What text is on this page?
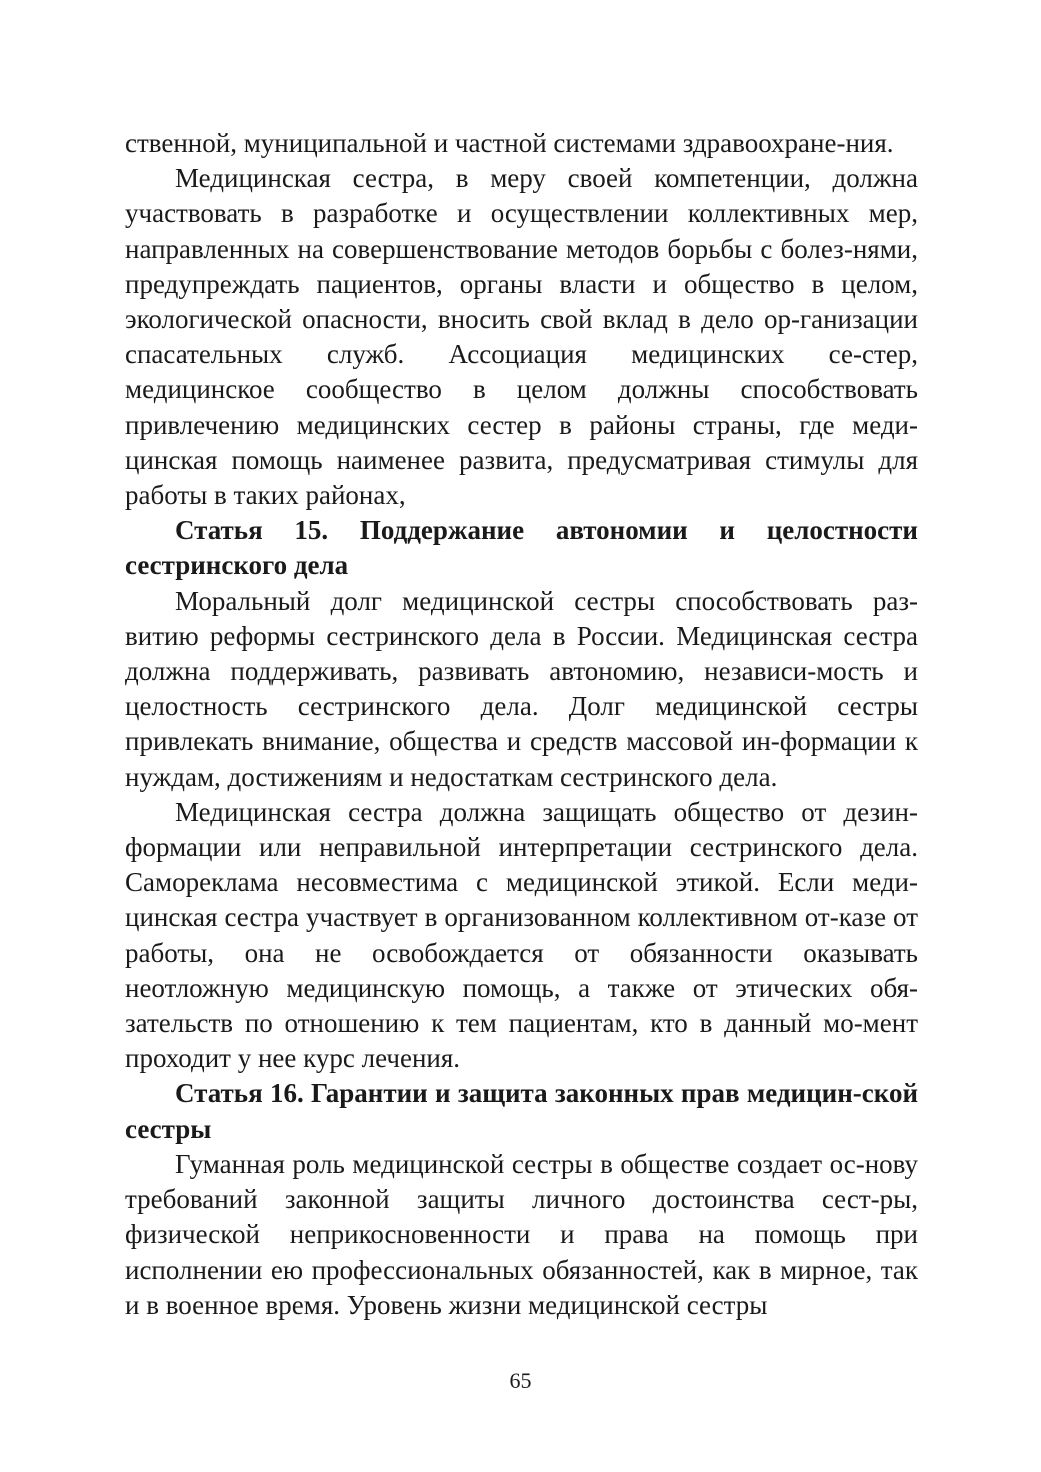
ственной, муниципальной и частной системами здравоохране-ния.

Медицинская сестра, в меру своей компетенции, должна участвовать в разработке и осуществлении коллективных мер, направленных на совершенствование методов борьбы с болез-нями, предупреждать пациентов, органы власти и общество в целом, экологической опасности, вносить свой вклад в дело ор-ганизации спасательных служб. Ассоциация медицинских се-стер, медицинское сообщество в целом должны способствовать привлечению медицинских сестер в районы страны, где меди-цинская помощь наименее развита, предусматривая стимулы для работы в таких районах,

Статья 15. Поддержание автономии и целостности сестринского дела

Моральный долг медицинской сестры способствовать раз-витию реформы сестринского дела в России. Медицинская сестра должна поддерживать, развивать автономию, независи-мость и целостность сестринского дела. Долг медицинской сестры привлекать внимание, общества и средств массовой ин-формации к нуждам, достижениям и недостаткам сестринского дела.

Медицинская сестра должна защищать общество от дезин-формации или неправильной интерпретации сестринского дела. Самореклама несовместима с медицинской этикой. Если меди-цинская сестра участвует в организованном коллективном от-казе от работы, она не освобождается от обязанности оказывать неотложную медицинскую помощь, а также от этических обя-зательств по отношению к тем пациентам, кто в данный мо-мент проходит у нее курс лечения.

Статья 16. Гарантии и защита законных прав медицин-ской сестры

Гуманная роль медицинской сестры в обществе создает ос-нову требований законной защиты личного достоинства сест-ры, физической неприкосновенности и права на помощь при исполнении ею профессиональных обязанностей, как в мирное, так и в военное время. Уровень жизни медицинской сестры

65
